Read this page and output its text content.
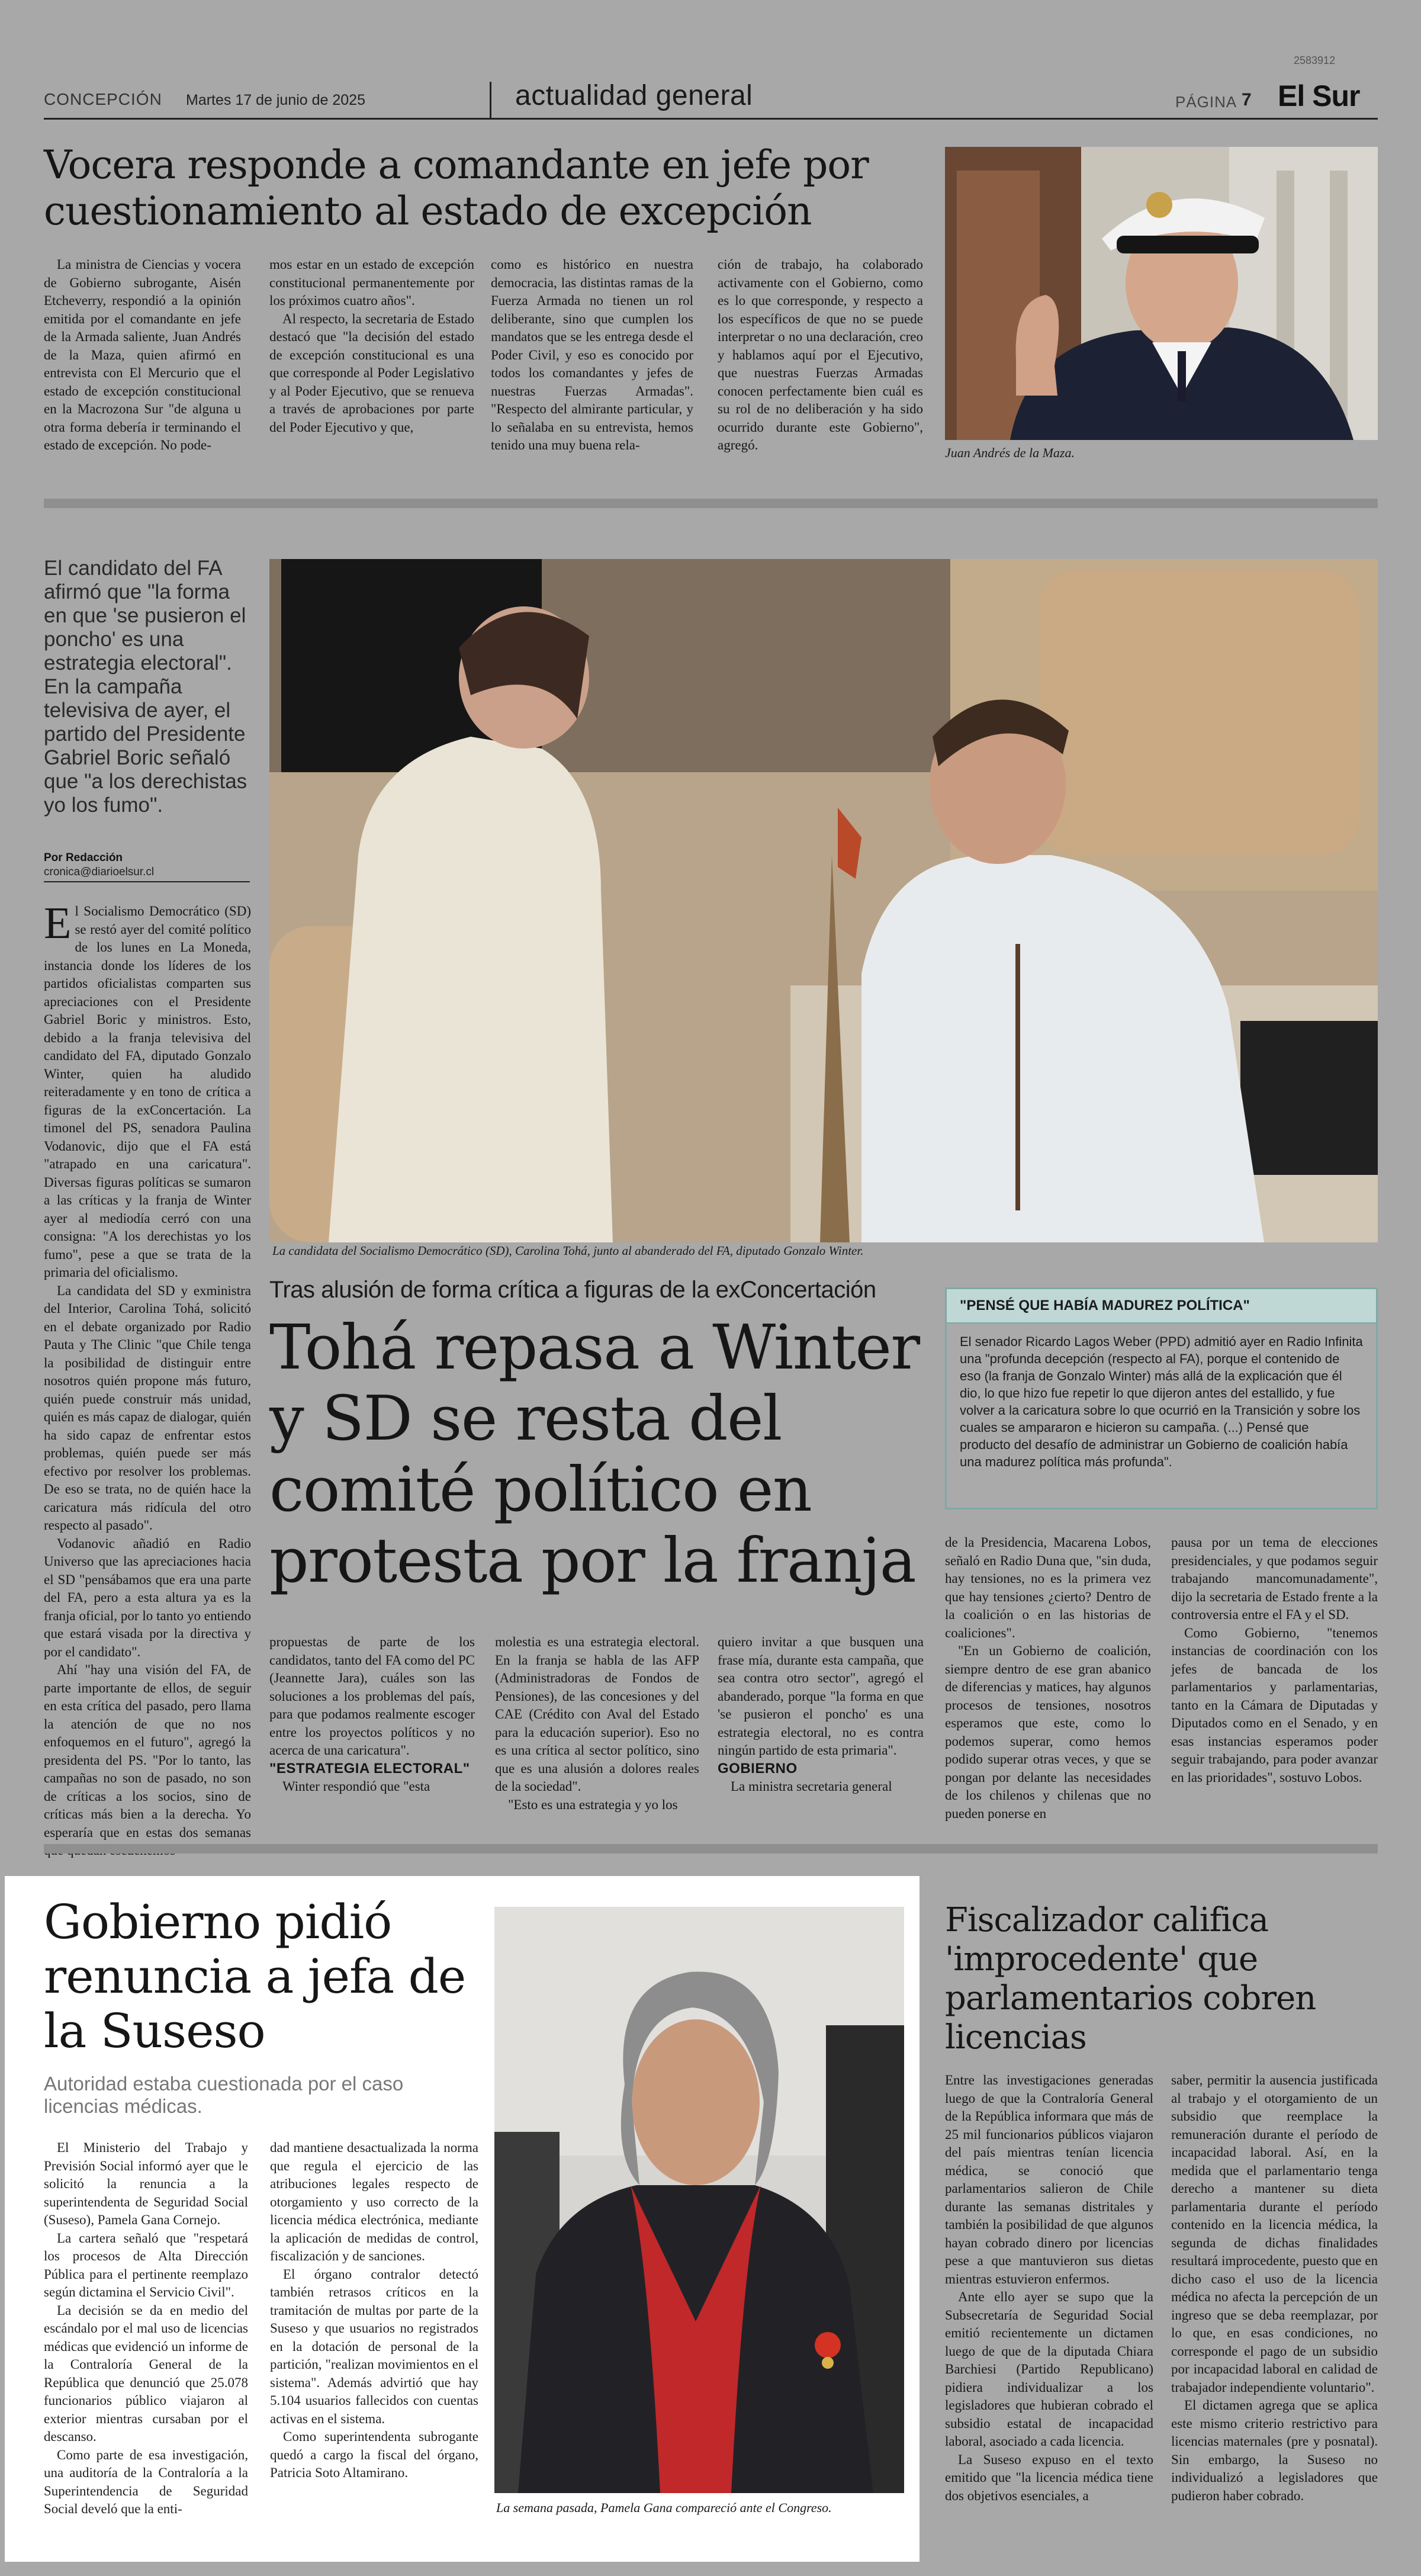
2583912
CONCEPCIÓN Martes 17 de junio de 2025	actualidad general	PÁGINA 7 El Sur
Vocera responde a comandante en jefe por cuestionamiento al estado de excepción

La ministra de Ciencias y vocera de Gobierno subrogante, Aisén Etcheverry, respondió a la opinión emitida por el comandante en jefe de la Armada saliente, Juan Andrés de la Maza, quien afirmó en entrevista con El Mercurio que el estado de excepción constitucional en la Macrozona Sur "de alguna u otra forma debería ir terminando el estado de excepción. No pode-

mos estar en un estado de excepción constitucional permanentemente por los próximos cuatro años".

Al respecto, la secretaria de Estado destacó que "la decisión del estado de excepción constitucional es una que corresponde al Poder Legislativo y al Poder Ejecutivo, que se renueva a través de aprobaciones por parte del Poder Ejecutivo y que,

como es histórico en nuestra democracia, las distintas ramas de la Fuerza Armada no tienen un rol deliberante, sino que cumplen los mandatos que se les entrega desde el Poder Civil, y eso es conocido por todos los comandantes y jefes de nuestras Fuerzas Armadas". "Respecto del almirante particular, y lo señalaba en su entrevista, hemos tenido una muy buena rela-

ción de trabajo, ha colaborado activamente con el Gobierno, como es lo que corresponde, y respecto a los específicos de que no se puede interpretar o no una declaración, creo y hablamos aquí por el Ejecutivo, que nuestras Fuerzas Armadas conocen perfectamente bien cuál es su rol de no deliberación y ha sido ocurrido durante este Gobierno", agregó.

Juan Andrés de la Maza.
El candidato del FA afirmó que "la forma en que 'se pusieron el poncho' es una estrategia electoral". En la campaña televisiva de ayer, el partido del Presidente Gabriel Boric señaló que "a los derechistas yo los fumo".
Por Redacción
cronica@diarioelsur.cl

El Socialismo Democrático (SD) se restó ayer del comité político de los lunes en La Moneda, instancia donde los líderes de los partidos oficialistas comparten sus apreciaciones con el Presidente Gabriel Boric y ministros. Esto, debido a la franja televisiva del candidato del FA, diputado Gonzalo Winter, quien ha aludido reiteradamente y en tono de crítica a figuras de la exConcertación. La timonel del PS, senadora Paulina Vodanovic, dijo que el FA está "atrapado en una caricatura". Diversas figuras políticas se sumaron a las críticas y la franja de Winter ayer al mediodía cerró con una consigna: "A los derechistas yo los fumo", pese a que se trata de la primaria del oficialismo.

La candidata del SD y exministra del Interior, Carolina Tohá, solicitó en el debate organizado por Radio Pauta y The Clinic "que Chile tenga la posibilidad de distinguir entre nosotros quién propone más futuro, quién puede construir más unidad, quién es más capaz de dialogar, quién ha sido capaz de enfrentar estos problemas, quién puede ser más efectivo por resolver los problemas. De eso se trata, no de quién hace la caricatura más ridícula del otro respecto al pasado".

Vodanovic añadió en Radio Universo que las apreciaciones hacia el SD "pensábamos que era una parte del FA, pero a esta altura ya es la franja oficial, por lo tanto yo entiendo que estará visada por la directiva y por el candidato".

Ahí "hay una visión del FA, de parte importante de ellos, de seguir en esta crítica del pasado, pero llama la atención de que no nos enfoquemos en el futuro", agregó la presidenta del PS. "Por lo tanto, las campañas no son de pasado, no son de críticas a los socios, sino de críticas más bien a la derecha. Yo esperaría que en estas dos semanas

La candidata del Socialismo Democrático (SD), Carolina Tohá, junto al abanderado del FA, diputado Gonzalo Winter.
Tras alusión de forma crítica a figuras de la exConcertación
Tohá repasa a Winter y SD se resta del comité político en protesta por la franja
"PENSÉ QUE HABÍA MADUREZ POLÍTICA"
El senador Ricardo Lagos Weber (PPD) admitió ayer en Radio Infinita una "profunda decepción (respecto al FA), porque el contenido de eso (la franja de Gonzalo Winter) más allá de la explicación que él dio, lo que hizo fue repetir lo que dijeron antes del estallido, y fue volver a la caricatura sobre lo que ocurrió en la Transición y sobre los cuales se ampararon e hicieron su campaña. (...) Pensé que producto del desafío de administrar un Gobierno de coalición había una madurez política más profunda".

propuestas de parte de los candidatos, tanto del FA como del PC (Jeannette Jara), cuáles son las soluciones a los problemas del país, para que podamos realmente escoger entre los proyectos políticos y no acerca de una caricatura".

"ESTRATEGIA ELECTORAL"

Winter respondió que "esta

molestia es una estrategia electoral. En la franja se habla de las AFP (Administradoras de Fondos de Pensiones), de las concesiones y del CAE (Crédito con Aval del Estado para la educación superior). Eso no es una crítica al sector político, sino que es una alusión a dolores reales de la sociedad".

"Esto es una estrategia y yo los

quiero invitar a que busquen una frase mía, durante esta campaña, que sea contra otro sector", agregó el abanderado, porque "la forma en que 'se pusieron el poncho' es una estrategia electoral, no es contra ningún partido de esta primaria".

GOBIERNO

La ministra secretaria general

de la Presidencia, Macarena Lobos, señaló en Radio Duna que, "sin duda, hay tensiones, no es la primera vez que hay tensiones ¿cierto? Dentro de la coalición o en las historias de coaliciones".

"En un Gobierno de coalición, siempre dentro de ese gran abanico de diferencias y matices, hay algunos procesos de tensiones, nosotros esperamos que este, como lo podemos superar, como hemos podido superar otras veces, y que se pongan por delante las necesidades de los chilenos y chilenas que no pueden ponerse en

pausa por un tema de elecciones presidenciales, y que podamos seguir trabajando mancomunadamente", dijo la secretaria de Estado frente a la controversia entre el FA y el SD.

Como Gobierno, "tenemos instancias de coordinación con los jefes de bancada de los parlamentarios y parlamentarias, tanto en la Cámara de Diputadas y Diputados como en el Senado, y en esas instancias esperamos poder seguir trabajando, para poder avanzar en las prioridades", sostuvo Lobos.

Gobierno pidió renuncia a jefa de la Suseso
Autoridad estaba cuestionada por el caso licencias médicas.

El Ministerio del Trabajo y Previsión Social informó ayer que le solicitó la renuncia a la superintendenta de Seguridad Social (Suseso), Pamela Gana Cornejo.

La cartera señaló que "respetará los procesos de Alta Dirección Pública para el pertinente reemplazo según dictamina el Servicio Civil".

La decisión se da en medio del escándalo por el mal uso de licencias médicas que evidenció un informe de la Contraloría General de la República que denunció que 25.078 funcionarios público viajaron al exterior mientras cursaban por el descanso.

Como parte de esa investigación, una auditoría de la Contraloría a la Superintendencia de Seguridad Social develó que la enti-

dad mantiene desactualizada la norma que regula el ejercicio de las atribuciones legales respecto de otorgamiento y uso correcto de la licencia médica electrónica, mediante la aplicación de medidas de control, fiscalización y de sanciones.

El órgano contralor detectó también retrasos críticos en la tramitación de multas por parte de la Suseso y que usuarios no registrados en la dotación de personal de la partición, "realizan movimientos en el sistema". Además advirtió que hay 5.104 usuarios fallecidos con cuentas activas en el sistema.

Como superintendenta subrogante quedó a cargo la fiscal del órgano, Patricia Soto Altamirano.

La semana pasada, Pamela Gana compareció ante el Congreso.
Fiscalizador califica 'improcedente' que parlamentarios cobren licencias

Entre las investigaciones generadas luego de que la Contraloría General de la República informara que más de 25 mil funcionarios públicos viajaron del país mientras tenían licencia médica, se conoció que parlamentarios salieron de Chile durante las semanas distritales y también la posibilidad de que algunos hayan cobrado dinero por licencias pese a que mantuvieron sus dietas mientras estuvieron enfermos.

Ante ello ayer se supo que la Subsecretaría de Seguridad Social emitió recientemente un dictamen luego de que de la diputada Chiara Barchiesi (Partido Republicano) pidiera individualizar a los legisladores que hubieran cobrado el subsidio estatal de incapacidad laboral, asociado a cada licencia.

La Suseso expuso en el texto emitido que "la licencia médica tiene dos objetivos esenciales, a

saber, permitir la ausencia justificada al trabajo y el otorgamiento de un subsidio que reemplace la remuneración durante el período de incapacidad laboral. Así, en la medida que el parlamentario tenga derecho a mantener su dieta parlamentaria durante el período contenido en la licencia médica, la segunda de dichas finalidades resultará improcedente, puesto que en dicho caso el uso de la licencia médica no afecta la percepción de un ingreso que se deba reemplazar, por lo que, en esas condiciones, no corresponde el pago de un subsidio por incapacidad laboral en calidad de trabajador independiente voluntario".

El dictamen agrega que se aplica este mismo criterio restrictivo para licencias maternales (pre y posnatal). Sin embargo, la Suseso no individualizó a legisladores que pudieron haber cobrado.
